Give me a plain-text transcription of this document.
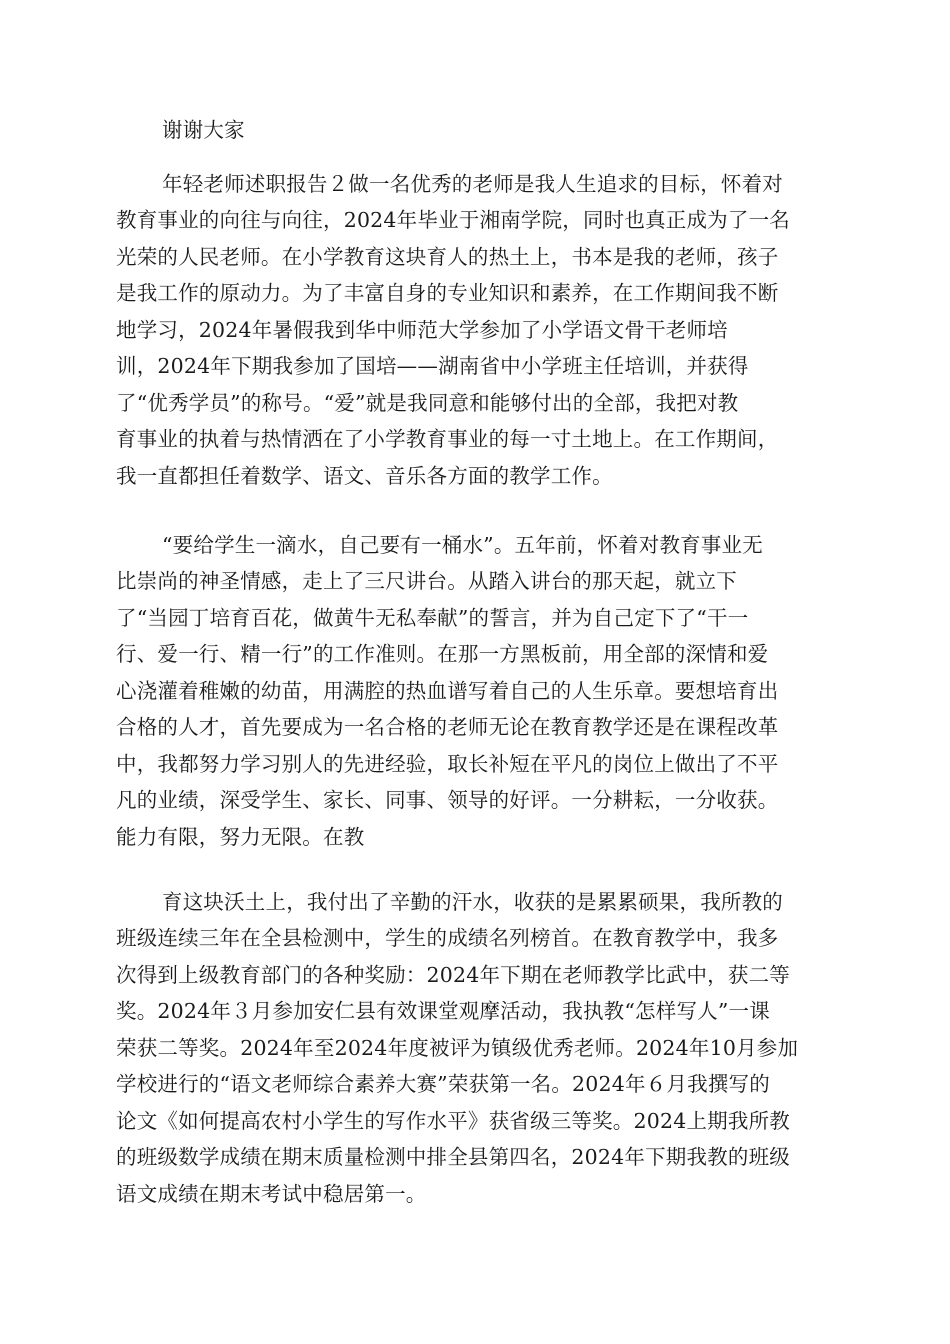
谢谢大家
年轻老师述职报告２做一名优秀的老师是我人生追求的目标，怀着对
教育事业的向往与向往，2024年毕业于湘南学院，同时也真正成为了一名
光荣的人民老师。在小学教育这块育人的热土上，书本是我的老师，孩子
是我工作的原动力。为了丰富自身的专业知识和素养，在工作期间我不断
地学习，2024年暑假我到华中师范大学参加了小学语文骨干老师培
训，2024年下期我参加了国培——湖南省中小学班主任培训，并获得
了“优秀学员”的称号。“爱”就是我同意和能够付出的全部，我把对教
育事业的执着与热情洒在了小学教育事业的每一寸土地上。在工作期间，
我一直都担任着数学、语文、音乐各方面的教学工作。
“要给学生一滴水，自己要有一桶水”。五年前，怀着对教育事业无
比崇尚的神圣情感，走上了三尺讲台。从踏入讲台的那天起，就立下
了“当园丁培育百花，做黄牛无私奉献”的誓言，并为自己定下了“干一
行、爱一行、精一行”的工作准则。在那一方黑板前，用全部的深情和爱
心浇灌着稚嫩的幼苗，用满腔的热血谱写着自己的人生乐章。要想培育出
合格的人才，首先要成为一名合格的老师无论在教育教学还是在课程改革
中，我都努力学习别人的先进经验，取长补短在平凡的岗位上做出了不平
凡的业绩，深受学生、家长、同事、领导的好评。一分耕耘，一分收获。
能力有限，努力无限。在教
育这块沃土上，我付出了辛勤的汗水，收获的是累累硕果，我所教的
班级连续三年在全县检测中，学生的成绩名列榜首。在教育教学中，我多
次得到上级教育部门的各种奖励：2024年下期在老师教学比武中，获二等
奖。2024年３月参加安仁县有效课堂观摩活动，我执教“怎样写人”一课
荣获二等奖。2024年至2024年度被评为镇级优秀老师。2024年10月参加
学校进行的“语文老师综合素养大赛”荣获第一名。2024年６月我撰写的
论文《如何提高农村小学生的写作水平》获省级三等奖。2024上期我所教
的班级数学成绩在期末质量检测中排全县第四名，2024年下期我教的班级
语文成绩在期末考试中稳居第一。
